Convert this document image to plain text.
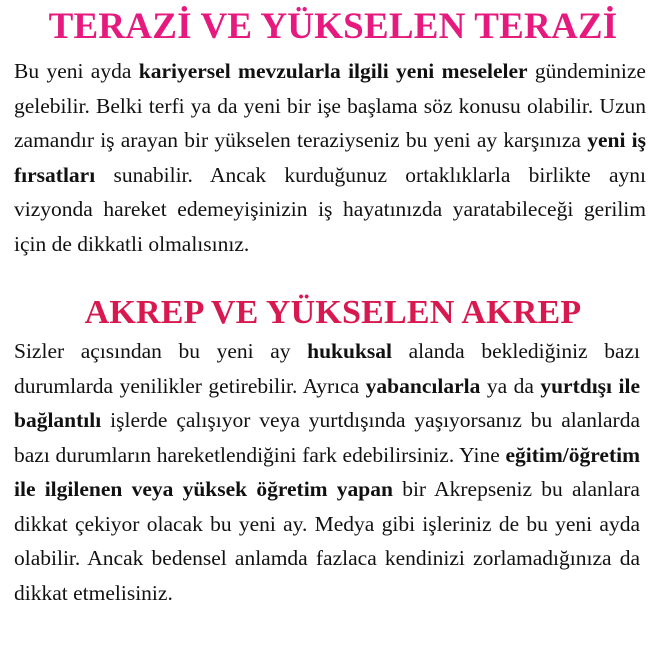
TERAZİ VE YÜKSELEN TERAZİ

Bu yeni ayda kariyersel mevzularla ilgili yeni meseleler gündeminize gelebilir. Belki terfi ya da yeni bir işe başlama söz konusu olabilir. Uzun zamandır iş arayan bir yükselen teraziyseniz bu yeni ay karşınıza yeni iş fırsatları sunabilir. Ancak kurduğunuz ortaklıklarla birlikte aynı vizyonda hareket edemeyişinizin iş hayatınızda yaratabileceği gerilim için de dikkatli olmalısınız.

AKREP VE YÜKSELEN AKREP

Sizler açısından bu yeni ay hukuksal alanda beklediğiniz bazı durumlarda yenilikler getirebilir. Ayrıca yabancılarla ya da yurtdışı ile bağlantılı işlerde çalışıyor veya yurtdışında yaşıyorsanız bu alanlarda bazı durumların hareketlendiğini fark edebilirsiniz. Yine eğitim/öğretim ile ilgilenen veya yüksek öğretim yapan bir Akrepseniz bu alanlara dikkat çekiyor olacak bu yeni ay. Medya gibi işleriniz de bu yeni ayda olabilir. Ancak bedensel anlamda fazlaca kendinizi zorlamadığınıza da dikkat etmelisiniz.
